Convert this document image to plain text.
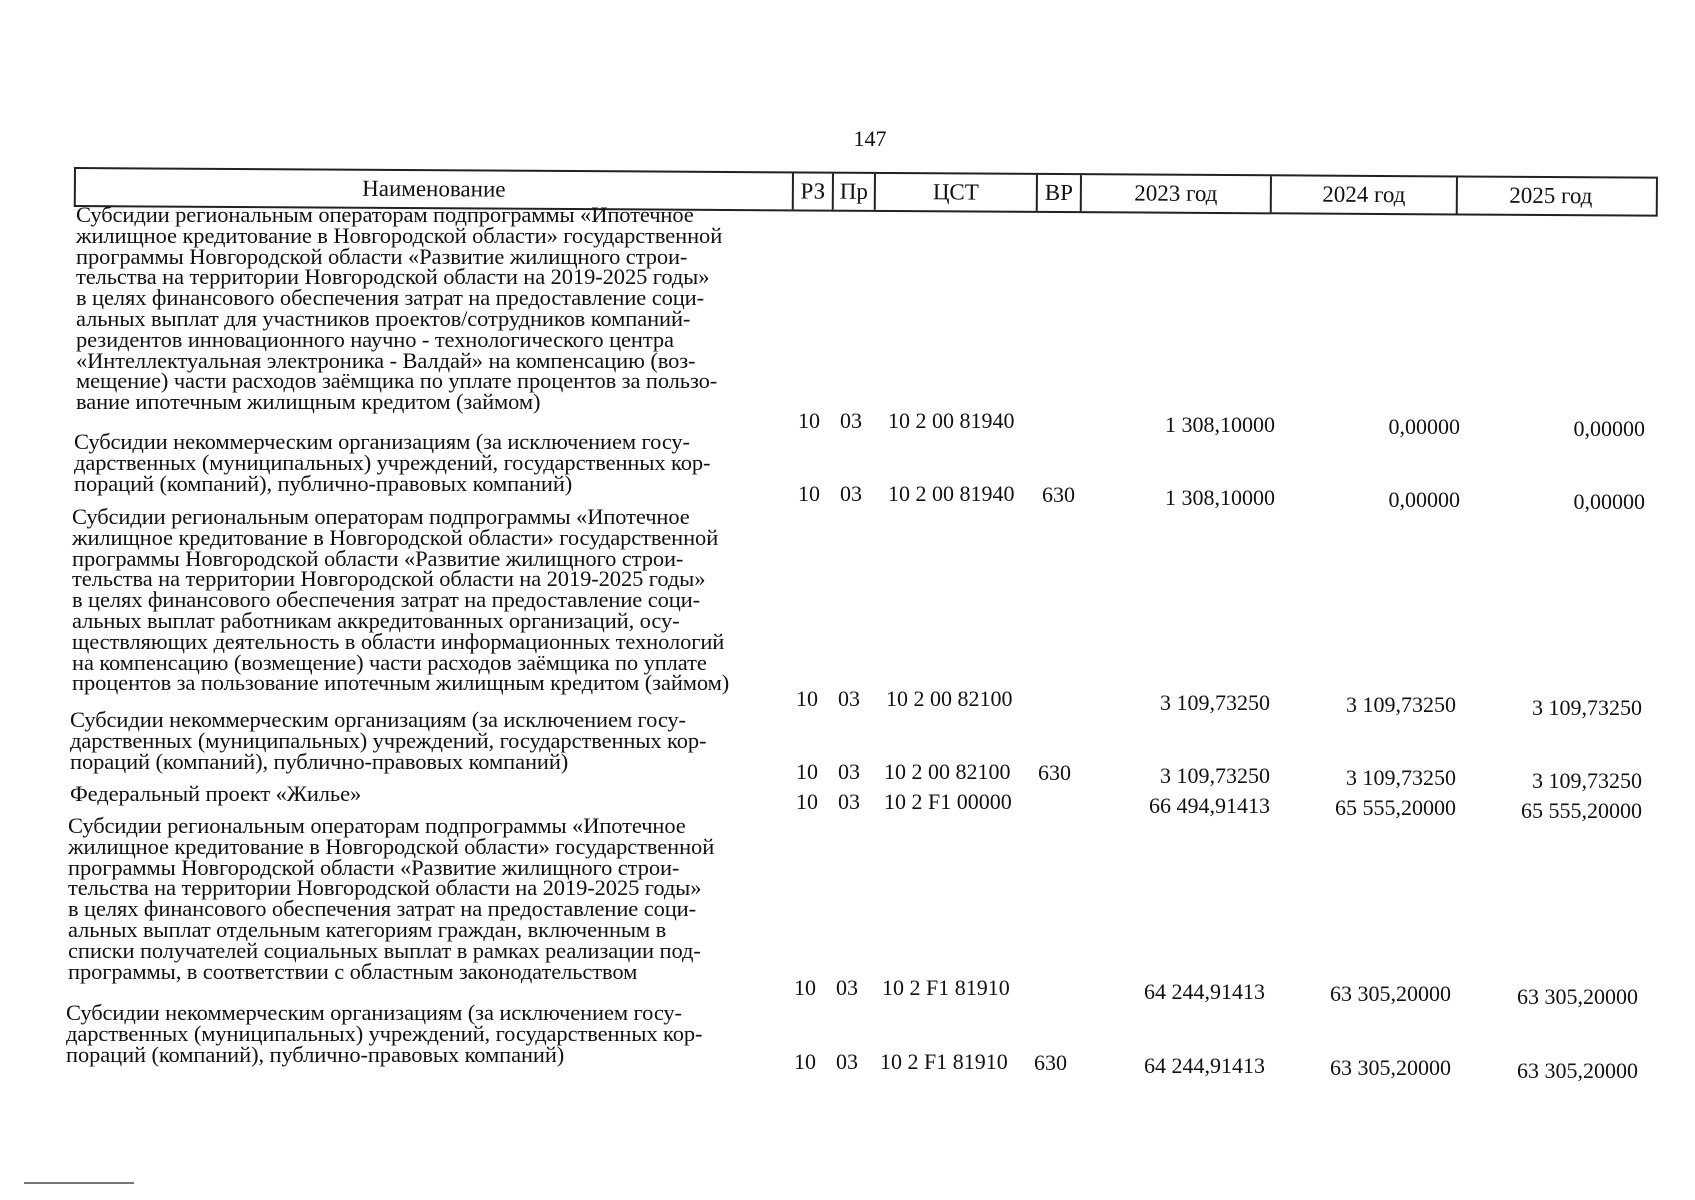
147
Наименование	РЗ Пр	ЦСТ	ВР	2023 год	2024 год	2025 год
Субсидии региональным операторам подпрограммы «Ипотечное
жилищное кредитование в Новгородской области» государственной
программы Новгородской области «Развитие жилищного строи-
тельства на территории Новгородской области на 2019-2025 годы»
в целях финансового обеспечения затрат на предоставление соци-
альных выплат для участников проектов/сотрудников компаний-
резидентов инновационного научно - технологического центра
«Интеллектуальная электроника - Валдай» на компенсацию (воз-
мещение) части расходов заёмщика по уплате процентов за пользо-
вание ипотечным жилищным кредитом (займом)
10 03 10 2 00 81940	1 308,10000	0,00000	0,00000
Субсидии некоммерческим организациям (за исключением госу-
дарственных (муниципальных) учреждений, государственных кор-
пораций (компаний), публично-правовых компаний)	10 03 10 2 00 81940 630	1 308,10000	0,00000	0,00000
Субсидии региональным операторам подпрограммы «Ипотечное
жилищное кредитование в Новгородской области» государственной
программы Новгородской области «Развитие жилищного строи-
тельства на территории Новгородской области на 2019-2025 годы»
в целях финансового обеспечения затрат на предоставление соци-
альных выплат работникам аккредитованных организаций, осу-
ществляющих деятельность в области информационных технологий
на компенсацию (возмещение) части расходов заёмщика по уплате
процентов за пользование ипотечным жилищным кредитом (займом)
10 03 10 2 00 82100	3 109,73250	3 109,73250	3 109,73250
Субсидии некоммерческим организациям (за исключением госу-
дарственных (муниципальных) учреждений, государственных кор-
пораций (компаний), публично-правовых компаний)	10 03 10 2 00 82100 630	3 109,73250	3 109,73250	3 109,73250
Федеральный проект «Жилье»	10 03 10 2 F1 00000	66 494,91413	65 555,20000	65 555,20000
Субсидии региональным операторам подпрограммы «Ипотечное
жилищное кредитование в Новгородской области» государственной
программы Новгородской области «Развитие жилищного строи-
тельства на территории Новгородской области на 2019-2025 годы»
в целях финансового обеспечения затрат на предоставление соци-
альных выплат отдельным категориям граждан, включенным в
списки получателей социальных выплат в рамках реализации под-
программы, в соответствии с областным законодательством
10 03 10 2 F1 81910	64 244,91413	63 305,20000	63 305,20000
Субсидии некоммерческим организациям (за исключением госу-
дарственных (муниципальных) учреждений, государственных кор-
пораций (компаний), публично-правовых компаний)	10 03 10 2 F1 81910 630	64 244,91413	63 305,20000	63 305,20000
